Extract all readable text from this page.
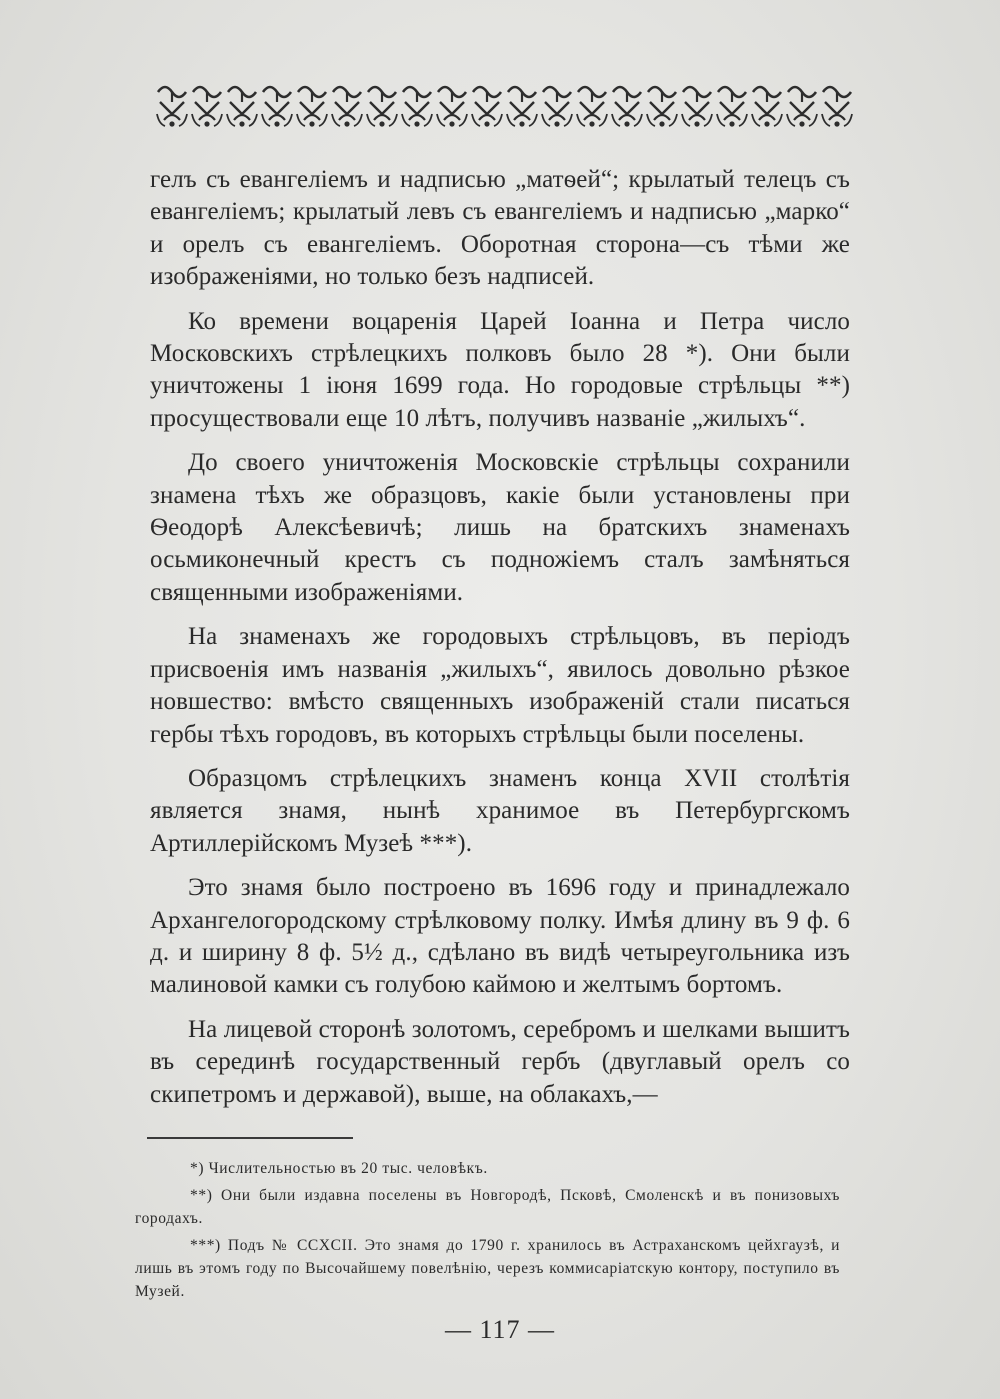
гелъ съ евангеліемъ и надписью „матѳей“; крылатый телецъ съ евангеліемъ; крылатый левъ съ евангеліемъ и надписью „марко“ и орелъ съ евангеліемъ. Оборотная сторона—съ тѣми же изображеніями, но только безъ надписей.

Ко времени воцаренія Царей Іоанна и Петра число Московскихъ стрѣлецкихъ полковъ было 28 *). Они были уничтожены 1 іюня 1699 года. Но городовые стрѣльцы **) просуществовали еще 10 лѣтъ, получивъ названіе „жилыхъ“.

До своего уничтоженія Московскіе стрѣльцы сохранили знамена тѣхъ же образцовъ, какіе были установлены при Ѳеодорѣ Алексѣевичѣ; лишь на братскихъ знаменахъ осьмиконечный крестъ съ подножіемъ сталъ замѣняться священными изображеніями.

На знаменахъ же городовыхъ стрѣльцовъ, въ періодъ присвоенія имъ названія „жилыхъ“, явилось довольно рѣзкое новшество: вмѣсто священныхъ изображеній стали писаться гербы тѣхъ городовъ, въ которыхъ стрѣльцы были поселены.

Образцомъ стрѣлецкихъ знаменъ конца XVII столѣтія является знамя, нынѣ хранимое въ Петербургскомъ Артиллерійскомъ Музеѣ ***).

Это знамя было построено въ 1696 году и принадлежало Архангелогородскому стрѣлковому полку. Имѣя длину въ 9 ф. 6 д. и ширину 8 ф. 5½ д., сдѣлано въ видѣ четыреугольника изъ малиновой камки съ голубою каймою и желтымъ бортомъ.

На лицевой сторонѣ золотомъ, серебромъ и шелками вышитъ въ серединѣ государственный гербъ (двуглавый орелъ со скипетромъ и державой), выше, на облакахъ,—

*) Числительностью въ 20 тыс. человѣкъ.

**) Они были издавна поселены въ Новгородѣ, Псковѣ, Смоленскѣ и въ понизовыхъ городахъ.

***) Подъ № CCXCII. Это знамя до 1790 г. хранилось въ Астраханскомъ цейхгаузѣ, и лишь въ этомъ году по Высочайшему повелѣнію, черезъ коммисаріатскую контору, поступило въ Музей.

— 117 —
